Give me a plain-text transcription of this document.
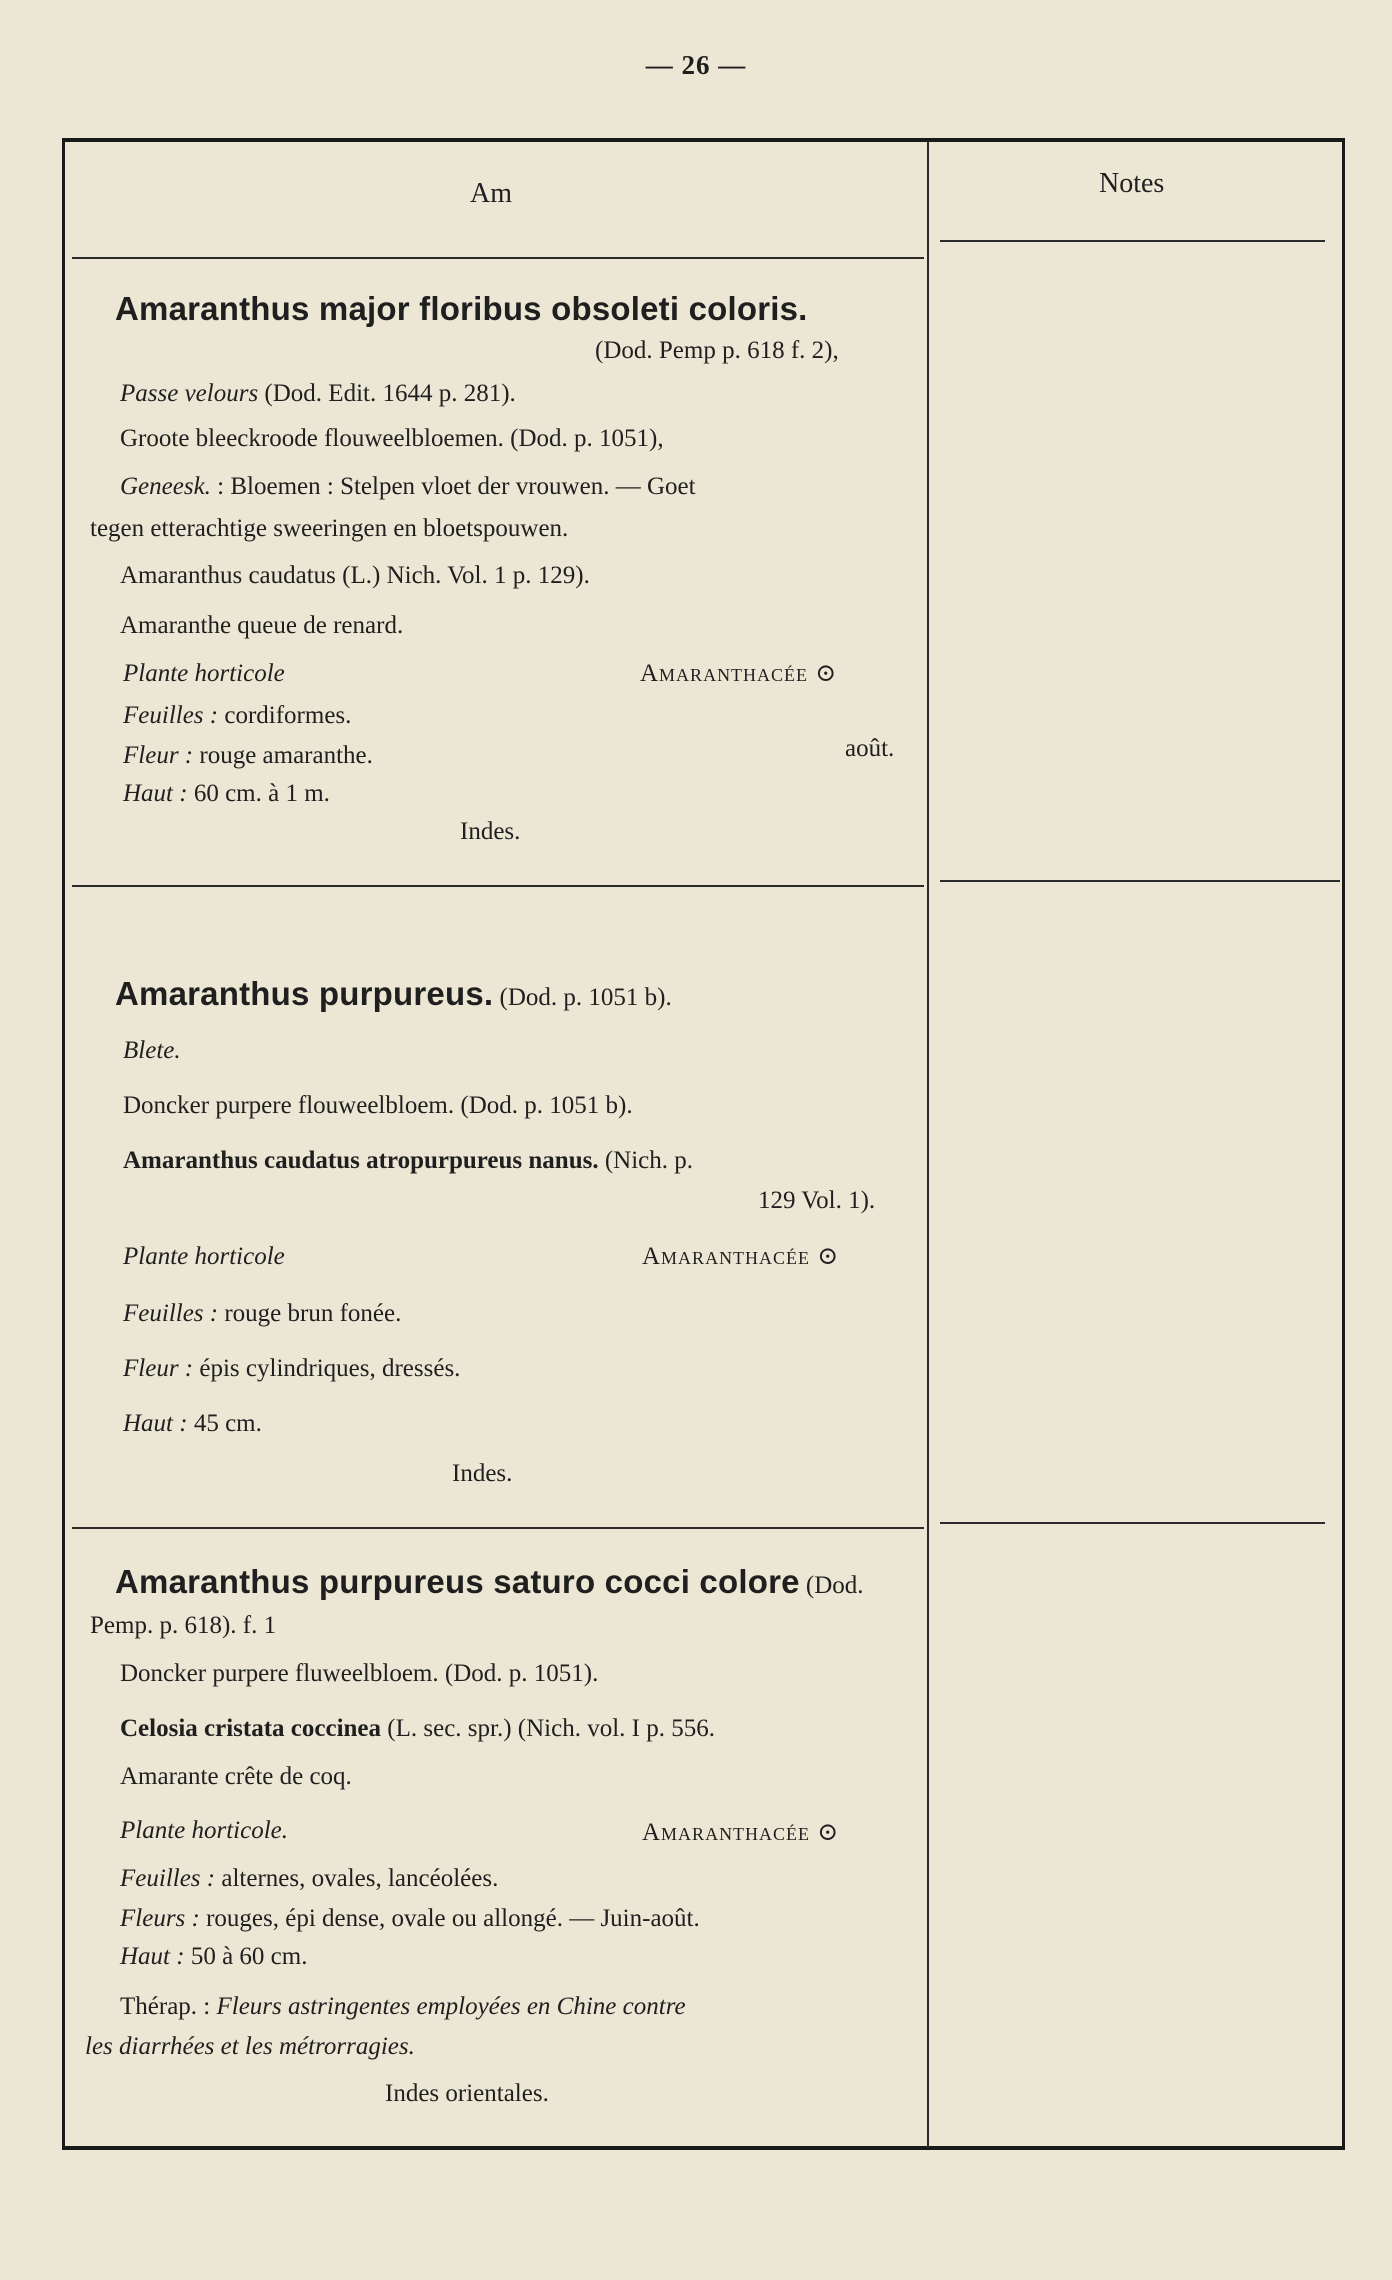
— 26 —
Am	Notes
Amaranthus major floribus obsoleti coloris.
(Dod. Pemp p. 618 f. 2),
Passe velours (Dod. Edit. 1644 p. 281).
Groote bleeckroode flouweelbloemen. (Dod. p. 1051),
Geneesk. : Bloemen : Stelpen vloet der vrouwen. — Goet
tegen etterachtige sweeringen en bloetspouwen.
Amaranthus caudatus (L.) Nich. Vol. 1 p. 129).
Amaranthe queue de renard.
Plante horticole	Amaranthacée ⊙
Feuilles : cordiformes.
Fleur : rouge amaranthe.	août.
Haut : 60 cm. à 1 m.
Indes.
Amaranthus purpureus. (Dod. p. 1051 b).
Blete.
Doncker purpere flouweelbloem. (Dod. p. 1051 b).
Amaranthus caudatus atropurpureus nanus. (Nich. p.
129 Vol. 1).
Plante horticole	Amaranthacée ⊙
Feuilles : rouge brun fonée.
Fleur : épis cylindriques, dressés.
Haut : 45 cm.
Indes.
Amaranthus purpureus saturo cocci colore (Dod.
Pemp. p. 618). f. 1
Doncker purpere fluweelbloem. (Dod. p. 1051).
Celosia cristata coccinea (L. sec. spr.) (Nich. vol. I p. 556.
Amarante crête de coq.
Plante horticole.	Amaranthacée ⊙
Feuilles : alternes, ovales, lancéolées.
Fleurs : rouges, épi dense, ovale ou allongé. — Juin-août.
Haut : 50 à 60 cm.
Thérap. : Fleurs astringentes employées en Chine contre
les diarrhées et les métrorragies.
Indes orientales.
